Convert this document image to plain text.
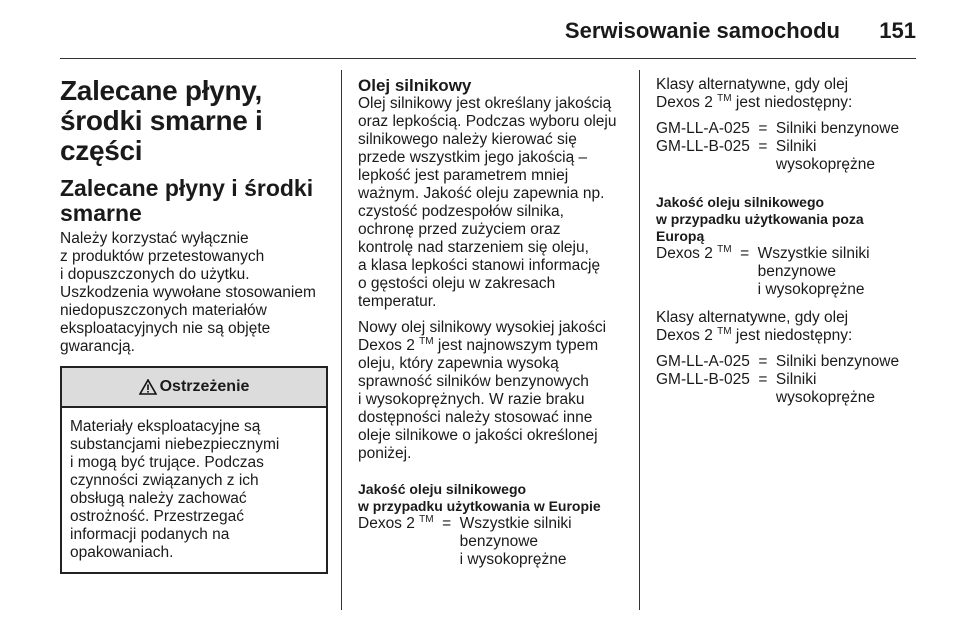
Serwisowanie samochodu 151
Zalecane płyny, środki smarne i części
Zalecane płyny i środki smarne

Należy korzystać wyłącznie
z produktów przetestowanych
i dopuszczonych do użytku.
Uszkodzenia wywołane stosowaniem
niedopuszczonych materiałów
eksploatacyjnych nie są objęte
gwarancją.

Ostrzeżenie
Materiały eksploatacyjne są
substancjami niebezpiecznymi
i mogą być trujące. Podczas
czynności związanych z ich
obsługą należy zachować
ostrożność. Przestrzegać
informacji podanych na
opakowaniach.
Olej silnikowy

Olej silnikowy jest określany jakością
oraz lepkością. Podczas wyboru oleju
silnikowego należy kierować się
przede wszystkim jego jakością –
lepkość jest parametrem mniej
ważnym. Jakość oleju zapewnia np.
czystość podzespołów silnika,
ochronę przed zużyciem oraz
kontrolę nad starzeniem się oleju,
a klasa lepkości stanowi informację
o gęstości oleju w zakresach
temperatur.

Nowy olej silnikowy wysokiej jakości
Dexos 2 ™ jest najnowszym typem
oleju, który zapewnia wysoką
sprawność silników benzynowych
i wysokoprężnych. W razie braku
dostępności należy stosować inne
oleje silnikowe o jakości określonej
poniżej.

Jakość oleju silnikowego
w przypadku użytkowania w Europie
Dexos 2 ™ = Wszystkie silniki
benzynowe
i wysokoprężne

Klasy alternatywne, gdy olej
Dexos 2 ™ jest niedostępny:

GM-LL-A-025 = Silniki benzynowe
GM-LL-B-025 = Silniki
wysokoprężne
Jakość oleju silnikowego
w przypadku użytkowania poza
Europą
Dexos 2 ™ = Wszystkie silniki
benzynowe
i wysokoprężne

Klasy alternatywne, gdy olej
Dexos 2 ™ jest niedostępny:

GM-LL-A-025 = Silniki benzynowe
GM-LL-B-025 = Silniki
wysokoprężne
